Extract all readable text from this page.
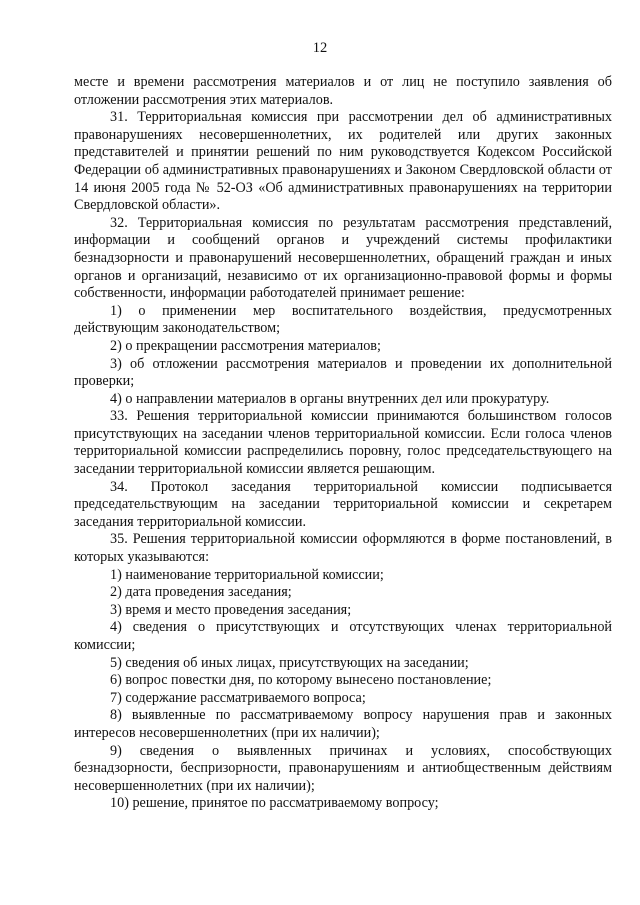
12

месте и времени рассмотрения материалов и от лиц не поступило заявления об отложении рассмотрения этих материалов.

31. Территориальная комиссия при рассмотрении дел об административных правонарушениях несовершеннолетних, их родителей или других законных представителей и принятии решений по ним руководствуется Кодексом Российской Федерации об административных правонарушениях и Законом Свердловской области от 14 июня 2005 года № 52-ОЗ «Об административных правонарушениях на территории Свердловской области».

32. Территориальная комиссия по результатам рассмотрения представлений, информации и сообщений органов и учреждений системы профилактики безнадзорности и правонарушений несовершеннолетних, обращений граждан и иных органов и организаций, независимо от их организационно-правовой формы и формы собственности, информации работодателей принимает решение:

1) о применении мер воспитательного воздействия, предусмотренных действующим законодательством;

2) о прекращении рассмотрения материалов;

3) об отложении рассмотрения материалов и проведении их дополнительной проверки;

4) о направлении материалов в органы внутренних дел или прокуратуру.

33. Решения территориальной комиссии принимаются большинством голосов присутствующих на заседании членов территориальной комиссии. Если голоса членов территориальной комиссии распределились поровну, голос председательствующего на заседании территориальной комиссии является решающим.

34. Протокол заседания территориальной комиссии подписывается председательствующим на заседании территориальной комиссии и секретарем заседания территориальной комиссии.

35. Решения территориальной комиссии оформляются в форме постановлений, в которых указываются:

1) наименование территориальной комиссии;

2) дата проведения заседания;

3) время и место проведения заседания;

4) сведения о присутствующих и отсутствующих членах территориальной комиссии;

5) сведения об иных лицах, присутствующих на заседании;

6) вопрос повестки дня, по которому вынесено постановление;

7) содержание рассматриваемого вопроса;

8) выявленные по рассматриваемому вопросу нарушения прав и законных интересов несовершеннолетних (при их наличии);

9) сведения о выявленных причинах и условиях, способствующих безнадзорности, беспризорности, правонарушениям и антиобщественным действиям несовершеннолетних (при их наличии);

10) решение, принятое по рассматриваемому вопросу;
